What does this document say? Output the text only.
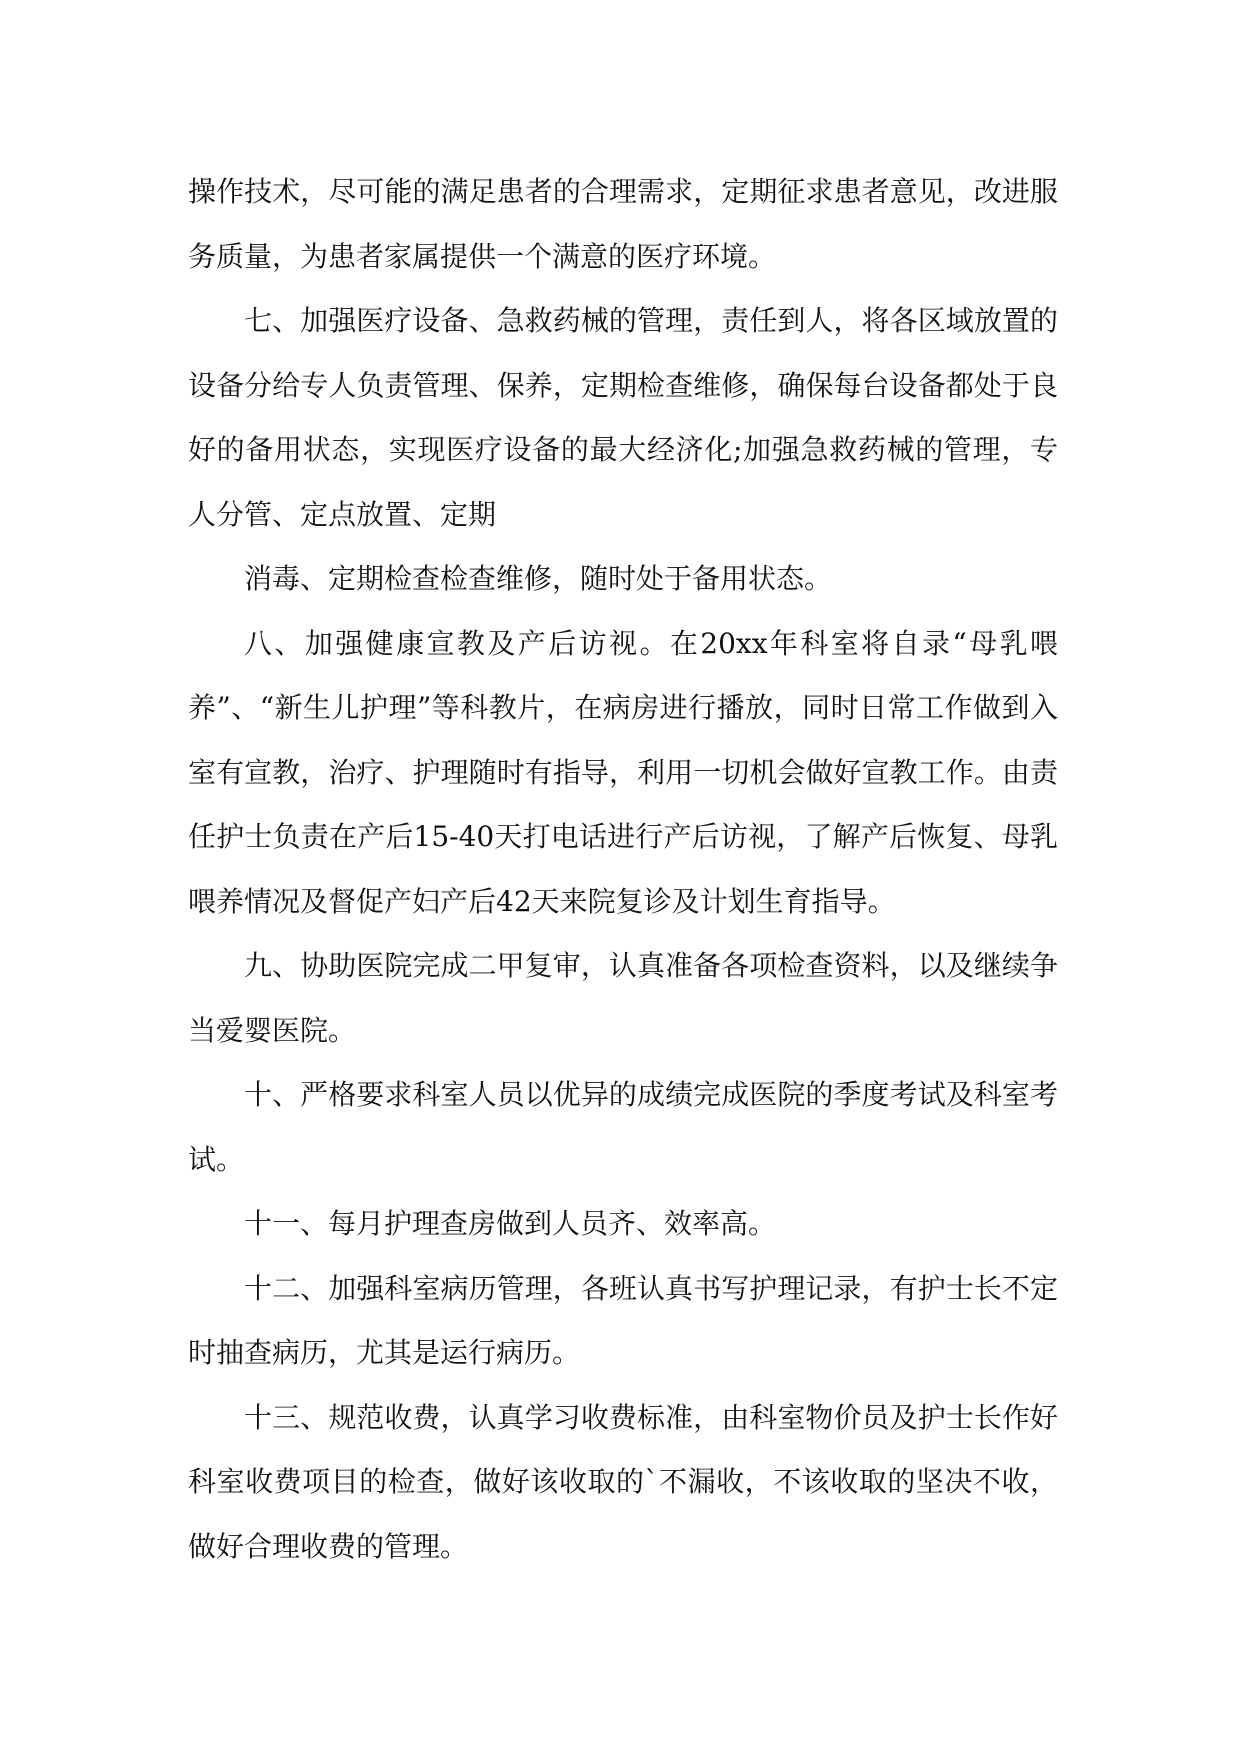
操作技术，尽可能的满足患者的合理需求，定期征求患者意见，改进服务质量，为患者家属提供一个满意的医疗环境。

七、加强医疗设备、急救药械的管理，责任到人，将各区域放置的设备分给专人负责管理、保养，定期检查维修，确保每台设备都处于良好的备用状态，实现医疗设备的最大经济化;加强急救药械的管理，专人分管、定点放置、定期

消毒、定期检查检查维修，随时处于备用状态。

八、加强健康宣教及产后访视。在20xx年科室将自录“母乳喂养”、“新生儿护理”等科教片，在病房进行播放，同时日常工作做到入室有宣教，治疗、护理随时有指导，利用一切机会做好宣教工作。由责任护士负责在产后15-40天打电话进行产后访视，了解产后恢复、母乳喂养情况及督促产妇产后42天来院复诊及计划生育指导。

九、协助医院完成二甲复审，认真准备各项检查资料，以及继续争当爱婴医院。

十、严格要求科室人员以优异的成绩完成医院的季度考试及科室考试。

十一、每月护理查房做到人员齐、效率高。

十二、加强科室病历管理，各班认真书写护理记录，有护士长不定时抽查病历，尤其是运行病历。

十三、规范收费，认真学习收费标准，由科室物价员及护士长作好科室收费项目的检查，做好该收取的`不漏收，不该收取的坚决不收，做好合理收费的管理。
